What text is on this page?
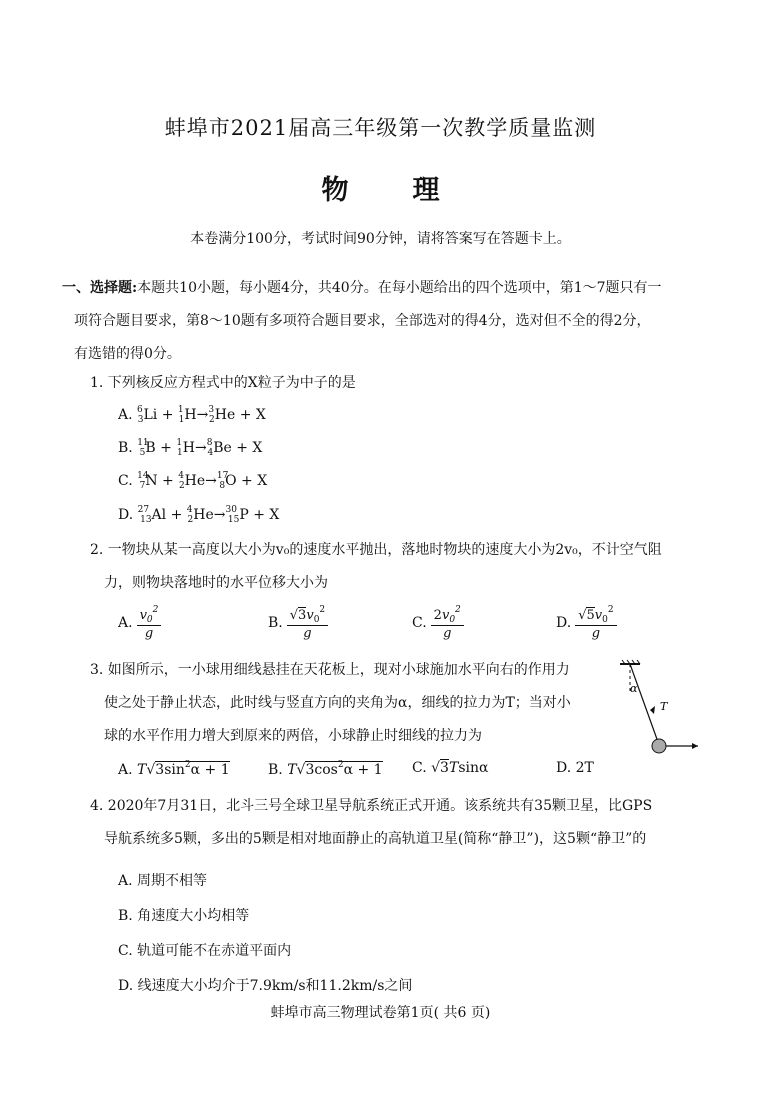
蚌埠市2021届高三年级第一次教学质量监测
物 理
本卷满分100分，考试时间90分钟，请将答案写在答题卡上。
一、选择题:本题共10小题，每小题4分，共40分。在每小题给出的四个选项中，第1～7题只有一
项符合题目要求，第8～10题有多项符合题目要求，全部选对的得4分，选对但不全的得2分，
有选错的得0分。
1. 下列核反应方程式中的X粒子为中子的是
A. $^6_3$Li + $^1_1$H→$^3_2$He + X
B. $^{11}_5$B + $^1_1$H→$^8_4$Be + X
C. $^{14}_7$N + $^4_2$He→$^{17}_8$O + X
D. $^{27}_{13}$Al + $^4_2$He→$^{30}_{15}$P + X
2. 一物块从某一高度以大小为v₀的速度水平抛出，落地时物块的速度大小为2v₀，不计空气阻
力，则物块落地时的水平位移大小为
A. $\frac{v_0^2}{g}$	B. $\frac{√3v_0^2}{g}$	C. $\frac{2v_0^2}{g}$	D. $\frac{√5v_0^2}{g}$
3. 如图所示，一小球用细线悬挂在天花板上，现对小球施加水平向右的作用力
使之处于静止状态，此时线与竖直方向的夹角为α，细线的拉力为T；当对小
球的水平作用力增大到原来的两倍，小球静止时细线的拉力为
A. $T√3\sin^2\alpha + 1$	B. $T√3\cos^2\alpha + 1$ C. √3Tsinα	D. 2T
α
T
4. 2020年7月31日，北斗三号全球卫星导航系统正式开通。该系统共有35颗卫星，比GPS
导航系统多5颗，多出的5颗是相对地面静止的高轨道卫星(简称“静卫”)，这5颗“静卫”的
A. 周期不相等
B. 角速度大小均相等
C. 轨道可能不在赤道平面内
D. 线速度大小均介于7.9km/s和11.2km/s之间
蚌埠市高三物理试卷第1页( 共6 页)
